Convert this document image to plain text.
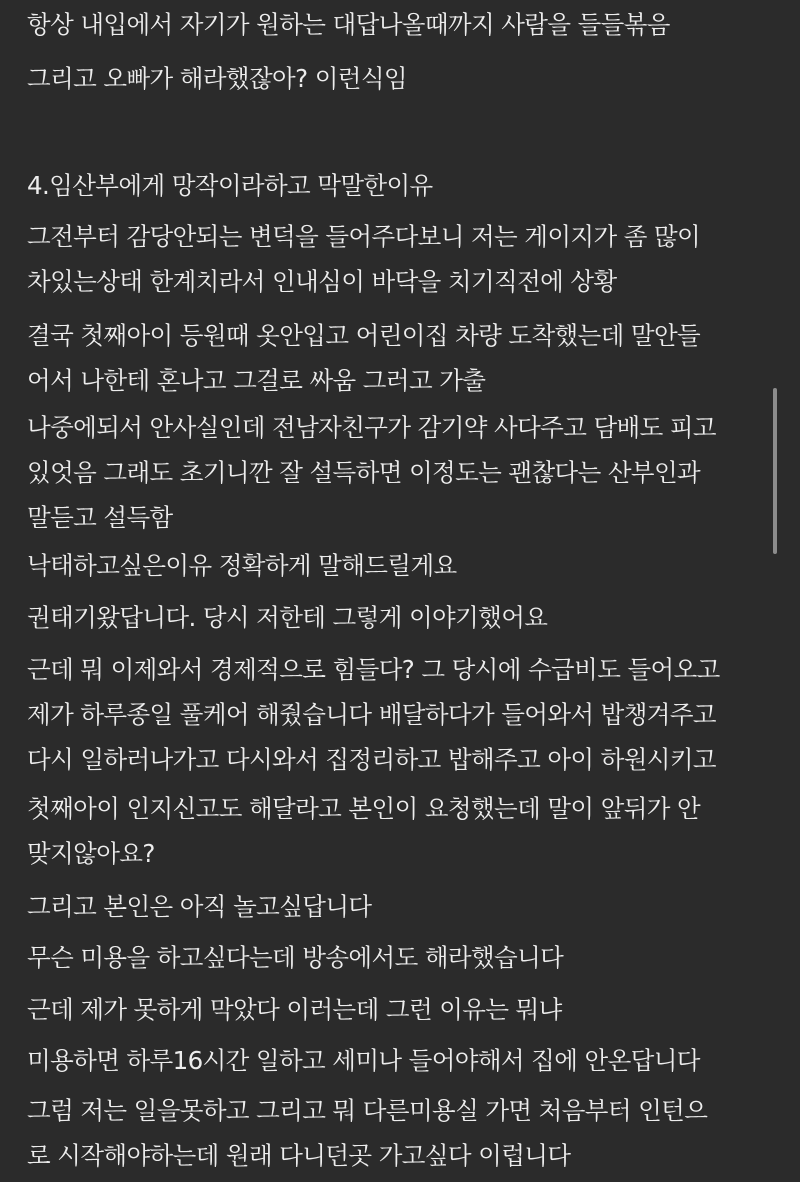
항상 내입에서 자기가 원하는 대답나올때까지 사람을 들들볶음
그리고 오빠가 해라했잖아? 이런식임
4.임산부에게 망작이라하고 막말한이유
그전부터 감당안되는 변덕을 들어주다보니 저는 게이지가 좀 많이
차있는상태 한계치라서 인내심이 바닥을 치기직전에 상황
결국 첫째아이 등원때 옷안입고 어린이집 차량 도착했는데 말안들
어서 나한테 혼나고 그걸로 싸움 그러고 가출
나중에되서 안사실인데 전남자친구가 감기약 사다주고 담배도 피고
있엇음 그래도 초기니깐 잘 설득하면 이정도는 괜찮다는 산부인과
말듣고 설득함
낙태하고싶은이유 정확하게 말해드릴게요
권태기왔답니다. 당시 저한테 그렇게 이야기했어요
근데 뭐 이제와서 경제적으로 힘들다? 그 당시에 수급비도 들어오고
제가 하루종일 풀케어 해줬습니다 배달하다가 들어와서 밥챙겨주고
다시 일하러나가고 다시와서 집정리하고 밥해주고 아이 하원시키고
첫째아이 인지신고도 해달라고 본인이 요청했는데 말이 앞뒤가 안
맞지않아요?
그리고 본인은 아직 놀고싶답니다
무슨 미용을 하고싶다는데 방송에서도 해라했습니다
근데 제가 못하게 막았다 이러는데 그런 이유는 뭐냐
미용하면 하루16시간 일하고 세미나 들어야해서 집에 안온답니다
그럼 저는 일을못하고 그리고 뭐 다른미용실 가면 처음부터 인턴으
로 시작해야하는데 원래 다니던곳 가고싶다 이럽니다
